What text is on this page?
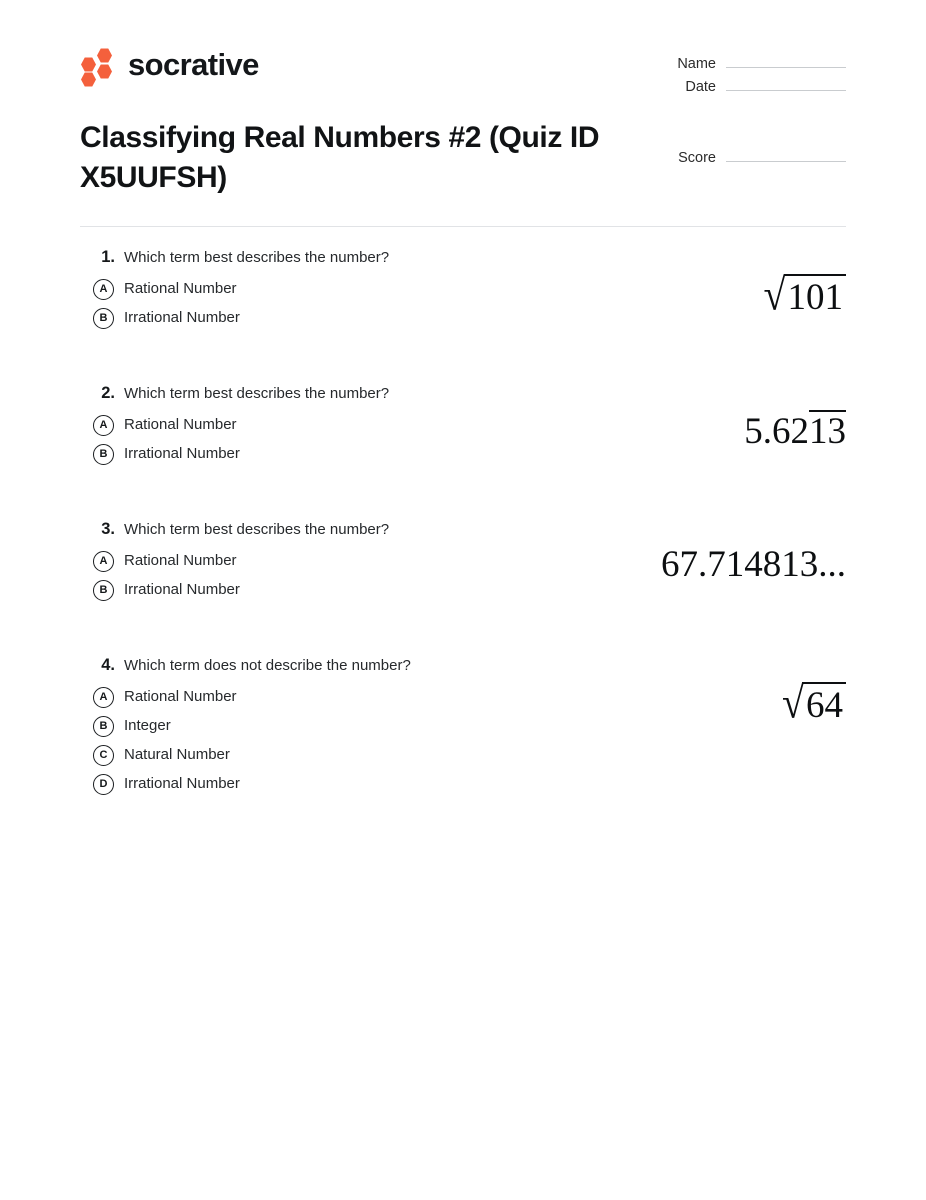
socrative	Name
Date
Score
Classifying Real Numbers #2 (Quiz ID X5UUFSH)
1. Which term best describes the number?
A	Rational Number
B	Irrational Number	√ 101
2. Which term best describes the number?
A	Rational Number
B	Irrational Number
5.6213
3. Which term best describes the number?
A	Rational Number
B	Irrational Number
67.714813...
4. Which term does not describe the number?
A	Rational Number
B	Integer
C	Natural Number
D	Irrational Number
√ 64
